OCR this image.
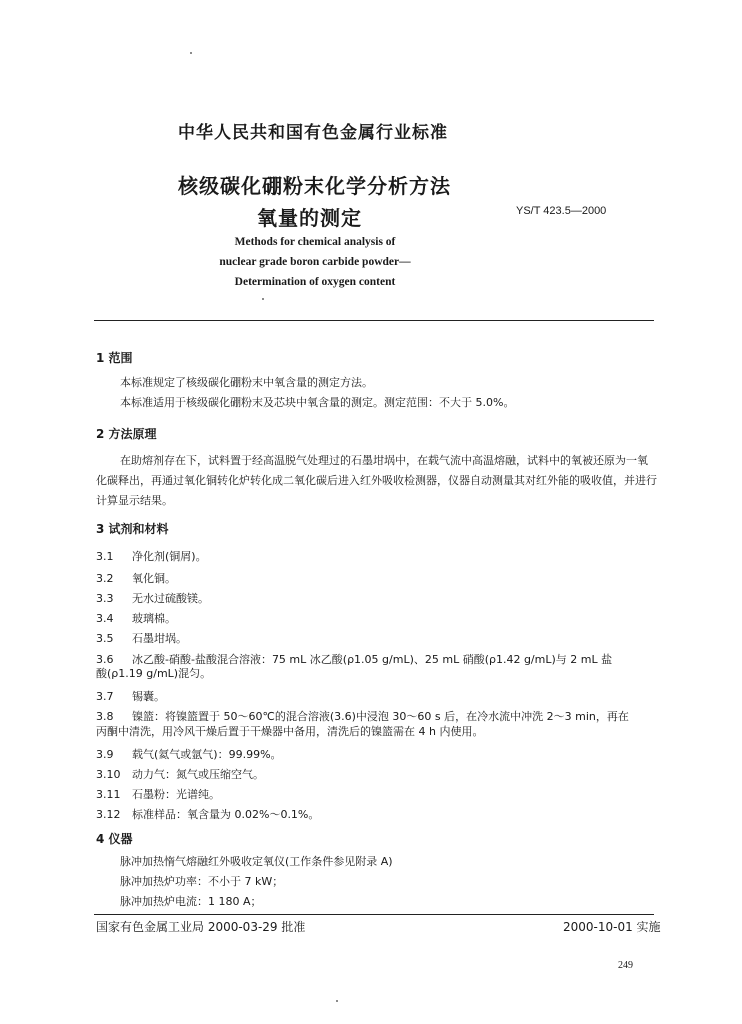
中华人民共和国有色金属行业标准
核级碳化硼粉末化学分析方法
氧量的测定	YS/T 423.5—2000
Methods for chemical analysis of
nuclear grade boron carbide powder—
Determination of oxygen content
1 范围
本标准规定了核级碳化硼粉末中氧含量的测定方法。
本标准适用于核级碳化硼粉末及芯块中氧含量的测定。测定范围：不大于 5.0%。
2 方法原理
在助熔剂存在下，试料置于经高温脱气处理过的石墨坩埚中，在载气流中高温熔融，试料中的氧被还原为一氧化碳释出，再通过氧化铜转化炉转化成二氧化碳后进入红外吸收检测器，仪器自动测量其对红外能的吸收值，并进行计算显示结果。
3 试剂和材料
3.1 净化剂(铜屑)。
3.2 氧化铜。
3.3 无水过硫酸镁。
3.4 玻璃棉。
3.5 石墨坩埚。
3.6 冰乙酸-硝酸-盐酸混合溶液：75 mL 冰乙酸(ρ1.05 g/mL)、25 mL 硝酸(ρ1.42 g/mL)与 2 mL 盐
酸(ρ1.19 g/mL)混匀。
3.7 锡囊。
3.8 镍篮：将镍篮置于 50～60℃的混合溶液(3.6)中浸泡 30～60 s 后，在冷水流中冲洗 2～3 min，再在
丙酮中清洗，用冷风干燥后置于干燥器中备用，清洗后的镍篮需在 4 h 内使用。
3.9 载气(氦气或氩气)：99.99%。
3.10 动力气：氮气或压缩空气。
3.11 石墨粉：光谱纯。
3.12 标准样品：氧含量为 0.02%～0.1%。
4 仪器
脉冲加热惰气熔融红外吸收定氧仪(工作条件参见附录 A)
脉冲加热炉功率：不小于 7 kW；
脉冲加热炉电流：1 180 A；
国家有色金属工业局 2000-03-29 批准	2000-10-01 实施
249
